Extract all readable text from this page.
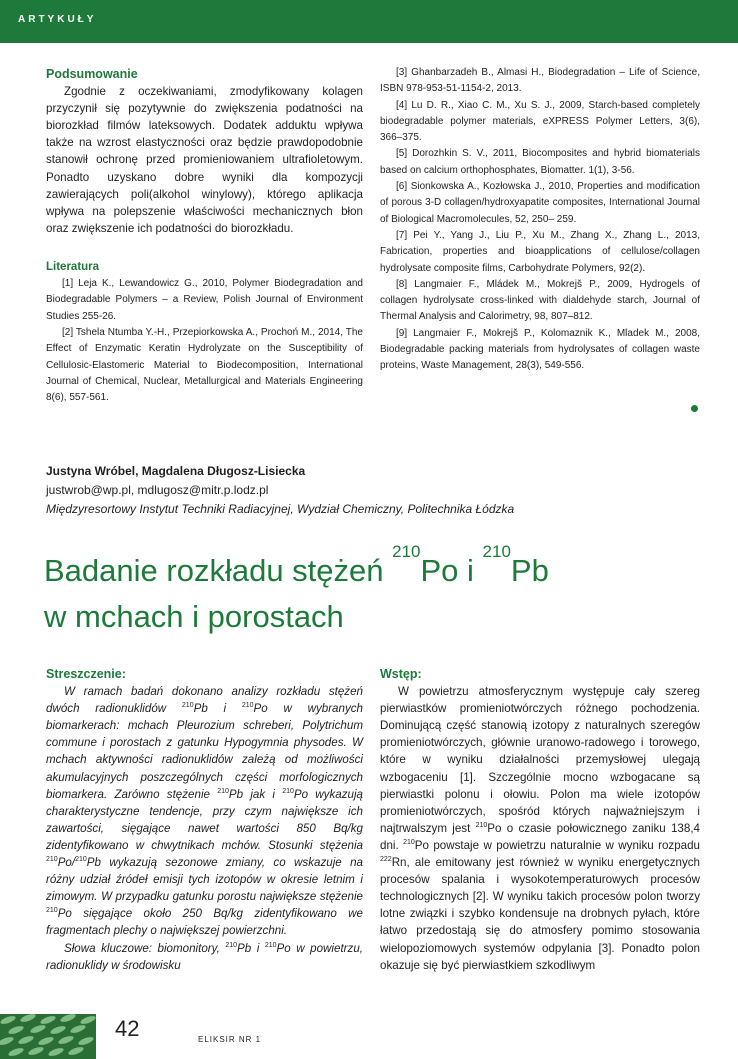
ARTYKUŁY

Podsumowanie

Zgodnie z oczekiwaniami, zmodyfikowany kolagen przyczynił się pozytywnie do zwiększenia podatności na biorozkład filmów lateksowych. Dodatek adduktu wpływa także na wzrost elastyczności oraz będzie prawdopodobnie stanowił ochronę przed promieniowaniem ultrafioletowym. Ponadto uzyskano dobre wyniki dla kompozycji zawierających poli(alkohol winylowy), którego aplikacja wpływa na polepszenie właściwości mechanicznych błon oraz zwiększenie ich podatności do biorozkładu.

Literatura

[1] Leja K., Lewandowicz G., 2010, Polymer Biodegradation and Biodegradable Polymers – a Review, Polish Journal of Environment Studies 255-26.

[2] Tshela Ntumba Y.-H., Przepiorkowska A., Prochoń M., 2014, The Effect of Enzymatic Keratin Hydrolyzate on the Susceptibility of Cellulosic-Elastomeric Material to Biodecomposition, International Journal of Chemical, Nuclear, Metallurgical and Materials Engineering 8(6), 557-561.

[3] Ghanbarzadeh B., Almasi H., Biodegradation – Life of Science, ISBN 978-953-51-1154-2, 2013.

[4] Lu D. R., Xiao C. M., Xu S. J., 2009, Starch-based completely biodegradable polymer materials, eXPRESS Polymer Letters, 3(6), 366–375.

[5] Dorozhkin S. V., 2011, Biocomposites and hybrid biomaterials based on calcium orthophosphates, Biomatter. 1(1), 3-56.

[6] Sionkowska A., Kozłowska J., 2010, Properties and modification of porous 3-D collagen/hydroxyapatite composites, International Journal of Biological Macromolecules, 52, 250– 259.

[7] Pei Y., Yang J., Liu P., Xu M., Zhang X., Zhang L., 2013, Fabrication, properties and bioapplications of cellulose/collagen hydrolysate composite films, Carbohydrate Polymers, 92(2).

[8] Langmaier F., Mládek M., Mokrejš P., 2009, Hydrogels of collagen hydrolysate cross-linked with dialdehyde starch, Journal of Thermal Analysis and Calorimetry, 98, 807–812.

[9] Langmaier F., Mokrejš P., Kolomaznik K., Mladek M., 2008, Biodegradable packing materials from hydrolysates of collagen waste proteins, Waste Management, 28(3), 549-556.

Justyna Wróbel, Magdalena Długosz-Lisiecka
justwrob@wp.pl, mdlugosz@mitr.p.lodz.pl
Międzyresortowy Instytut Techniki Radiacyjnej, Wydział Chemiczny, Politechnika Łódzka
Badanie rozkładu stężeń $^{210}$Po i $^{210}$Pb
w mchach i porostach

Streszczenie:

W ramach badań dokonano analizy rozkładu stężeń dwóch radionuklidów $^{210}$Pb i $^{210}$Po w wybranych biomarkerach: mchach Pleurozium schreberi, Polytrichum commune i porostach z gatunku Hypogymnia physodes. W mchach aktywności radionuklidów zależą od możliwości akumulacyjnych poszczególnych części morfologicznych biomarkera. Zarówno stężenie $^{210}$Pb jak i $^{210}$Po wykazują charakterystyczne tendencje, przy czym największe ich zawartości, sięgające nawet wartości 850 Bq/kg zidentyfikowano w chwytnikach mchów. Stosunki stężenia $^{210}$Po/$^{210}$Pb wykazują sezonowe zmiany, co wskazuje na różny udział źródeł emisji tych izotopów w okresie letnim i zimowym. W przypadku gatunku porostu największe stężenie $^{210}$Po sięgające około 250 Bq/kg zidentyfikowano we fragmentach plechy o największej powierzchni.

Słowa kluczowe: biomonitory, $^{210}$Pb i $^{210}$Po w powietrzu, radionuklidy w środowisku

Wstęp:

W powietrzu atmosferycznym występuje cały szereg pierwiastków promieniotwórczych różnego pochodzenia. Dominującą część stanowią izotopy z naturalnych szeregów promieniotwórczych, głównie uranowo-radowego i torowego, które w wyniku działalności przemysłowej ulegają wzbogaceniu [1]. Szczególnie mocno wzbogacane są pierwiastki polonu i ołowiu. Polon ma wiele izotopów promieniotwórczych, spośród których najważniejszym i najtrwalszym jest $^{210}$Po o czasie połowicznego zaniku 138,4 dni. $^{210}$Po powstaje w powietrzu naturalnie w wyniku rozpadu $^{222}$Rn, ale emitowany jest również w wyniku energetycznych procesów spalania i wysokotemperaturowych procesów technologicznych [2]. W wyniku takich procesów polon tworzy lotne związki i szybko kondensuje na drobnych pyłach, które łatwo przedostają się do atmosfery pomimo stosowania wielopoziomowych systemów odpylania [3]. Ponadto polon okazuje się być pierwiastkiem szkodliwym

42	ELIKSIR NR 1
